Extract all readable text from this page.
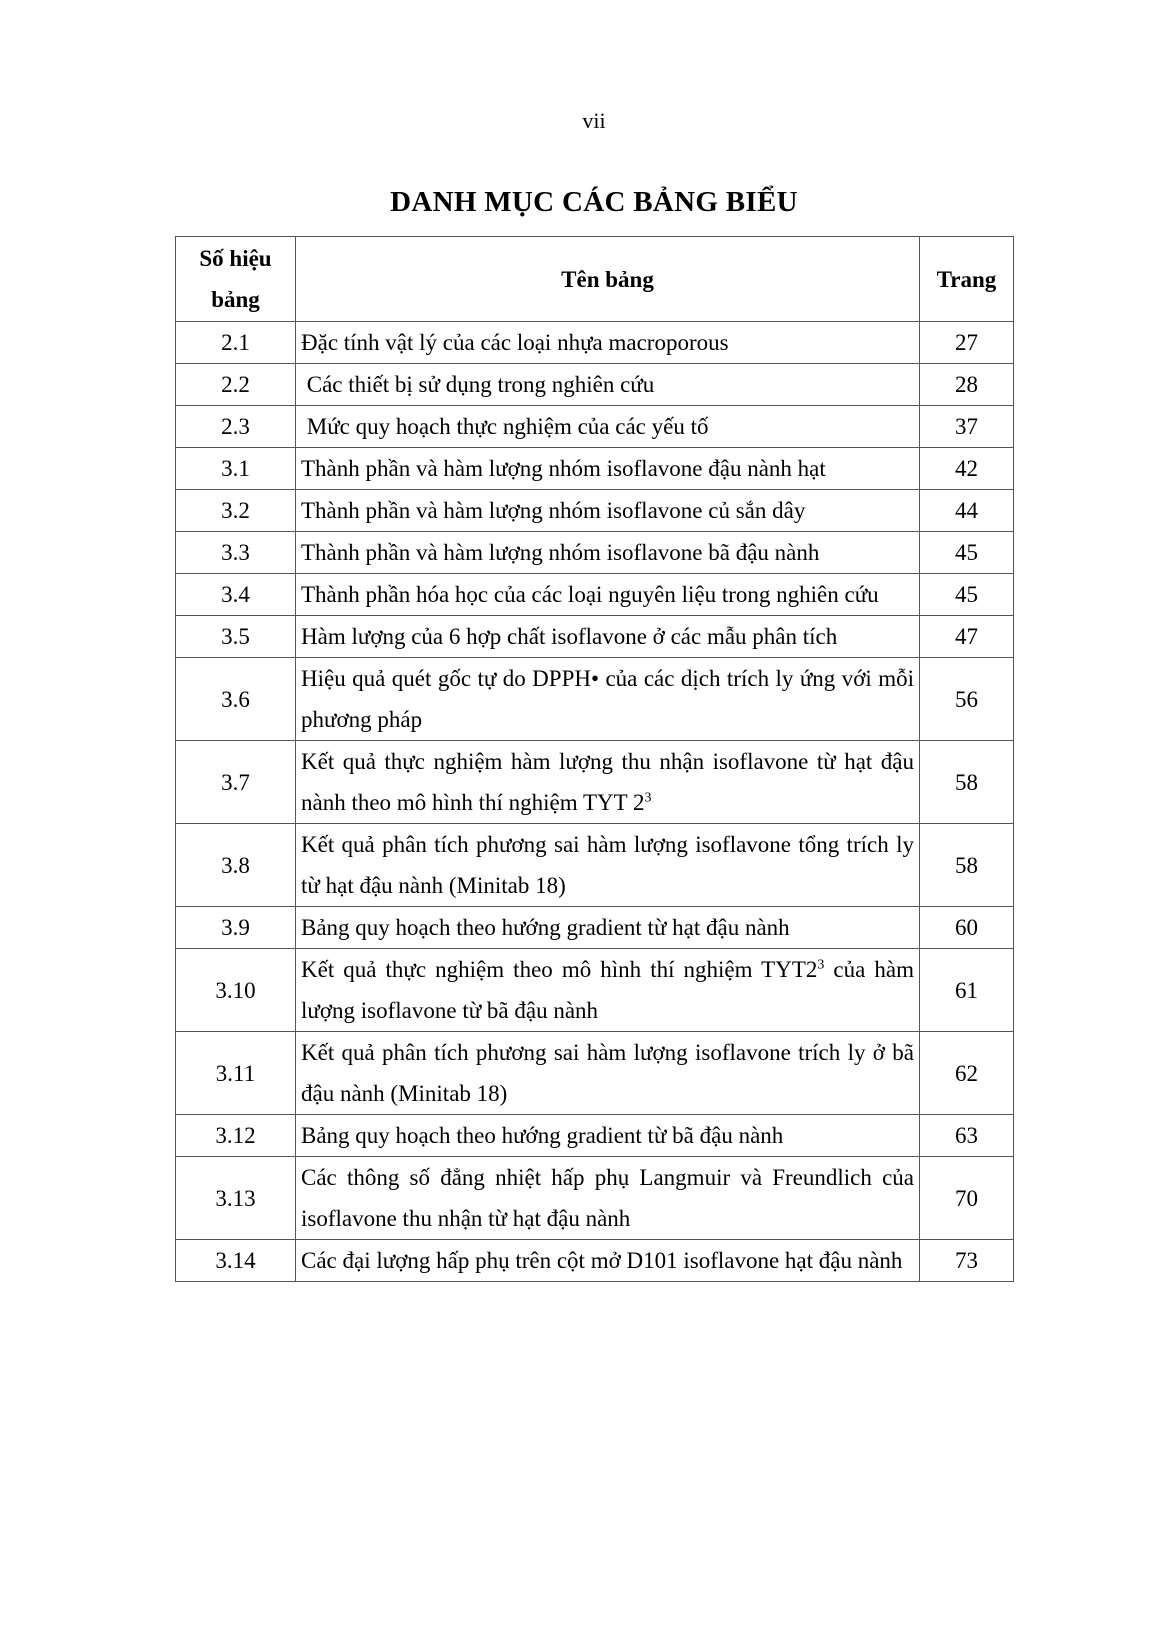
vii
DANH MỤC CÁC BẢNG BIỂU
Số hiệu bảng	Tên bảng	Trang
2.1	Đặc tính vật lý của các loại nhựa macroporous	27
2.2	Các thiết bị sử dụng trong nghiên cứu	28
2.3	Mức quy hoạch thực nghiệm của các yếu tố	37
3.1	Thành phần và hàm lượng nhóm isoflavone đậu nành hạt	42
3.2	Thành phần và hàm lượng nhóm isoflavone củ sắn dây	44
3.3	Thành phần và hàm lượng nhóm isoflavone bã đậu nành	45
3.4	Thành phần hóa học của các loại nguyên liệu trong nghiên cứu	45
3.5	Hàm lượng của 6 hợp chất isoflavone ở các mẫu phân tích	47
3.6	Hiệu quả quét gốc tự do DPPH• của các dịch trích ly ứng với mỗi phương pháp	56
3.7	Kết quả thực nghiệm hàm lượng thu nhận isoflavone từ hạt đậu nành theo mô hình thí nghiệm TYT $2^3$	58
3.8	Kết quả phân tích phương sai hàm lượng isoflavone tổng trích ly từ hạt đậu nành (Minitab 18)	58
3.9	Bảng quy hoạch theo hướng gradient từ hạt đậu nành	60
3.10	Kết quả thực nghiệm theo mô hình thí nghiệm $TYT2^3$ của hàm lượng isoflavone từ bã đậu nành	61
3.11	Kết quả phân tích phương sai hàm lượng isoflavone trích ly ở bã đậu nành (Minitab 18)	62
3.12	Bảng quy hoạch theo hướng gradient từ bã đậu nành	63
3.13	Các thông số đẳng nhiệt hấp phụ Langmuir và Freundlich của isoflavone thu nhận từ hạt đậu nành	70
3.14	Các đại lượng hấp phụ trên cột mở D101 isoflavone hạt đậu nành	73
